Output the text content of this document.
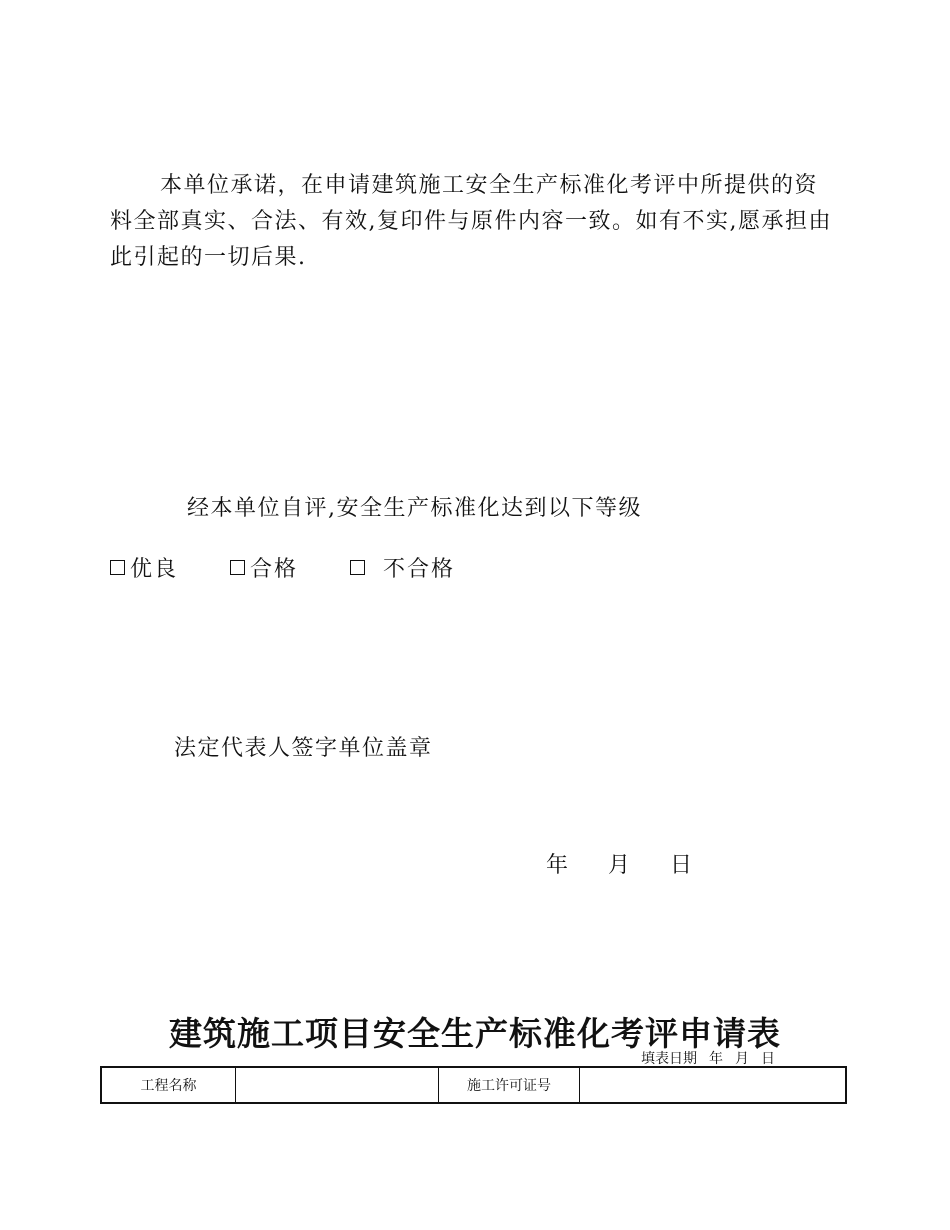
本单位承诺，在申请建筑施工安全生产标准化考评中所提供的资料全部真实、合法、有效,复印件与原件内容一致。如有不实,愿承担由此引起的一切后果.

经本单位自评,安全生产标准化达到以下等级
优良	合格	不合格
法定代表人签字单位盖章
年 月 日
建筑施工项目安全生产标准化考评申请表
填表日期 年 月 日
工程名称		施工许可证号	
